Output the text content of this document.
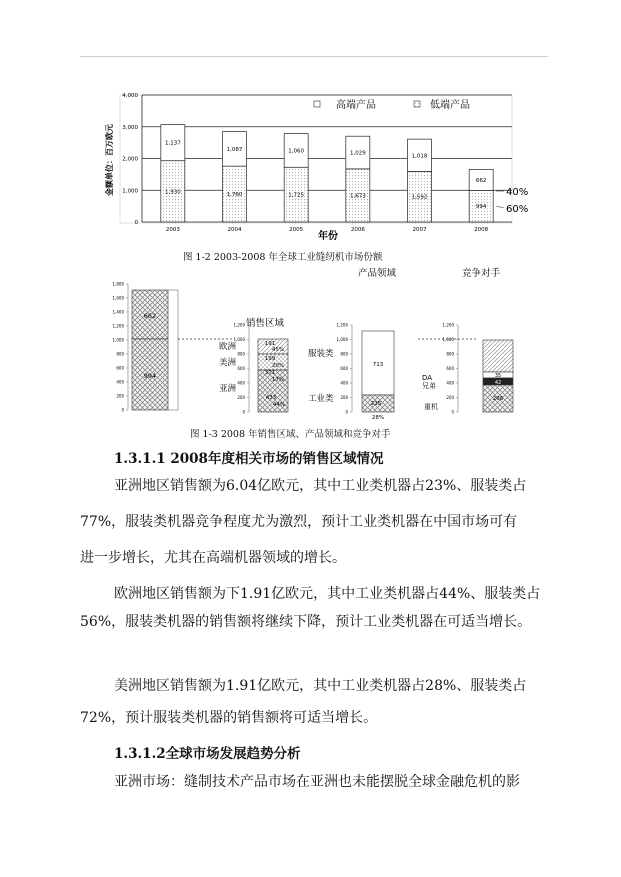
0
1,000
2,000
3,000
4,000
1,930
1,137
1,760
1,087
1,725
1,060
1,673
1,029
1,592
1,018
994
662
2003	2004	2005	2006	2007	2008
高端产品	低端产品
金额单位：百万欧元
年份
40%
60%
销售区域
产品领域	竞争对手
0
200
400
600
800
1,000
1,200
1,400
1,600
1,800
662
994
0
200
400
600
800
1,000
1,200
欧洲
美洲
亚洲
191
45%
199
20%
371
17%
433
44%
0
200
400
600
800
1,000
1,200
服装类
工业类
713
235
28%
0
200
400
600
800
1,000
1,200
DA
兄弟
重机
35
42
266
图 1-2 2003-2008 年全球工业缝纫机市场份额
图 1-3 2008 年销售区域、产品领域和竞争对手
1.3.1.1 2008年度相关市场的销售区域情况
亚洲地区销售额为6.04亿欧元，其中工业类机器占23%、服装类占
77%，服装类机器竞争程度尤为激烈，预计工业类机器在中国市场可有
进一步增长，尤其在高端机器领域的增长。
欧洲地区销售额为下1.91亿欧元，其中工业类机器占44%、服装类占
56%，服装类机器的销售额将继续下降，预计工业类机器在可适当增长。
美洲地区销售额为1.91亿欧元，其中工业类机器占28%、服装类占
72%，预计服装类机器的销售额将可适当增长。
1.3.1.2全球市场发展趋势分析
亚洲市场：缝制技术产品市场在亚洲也未能摆脱全球金融危机的影
